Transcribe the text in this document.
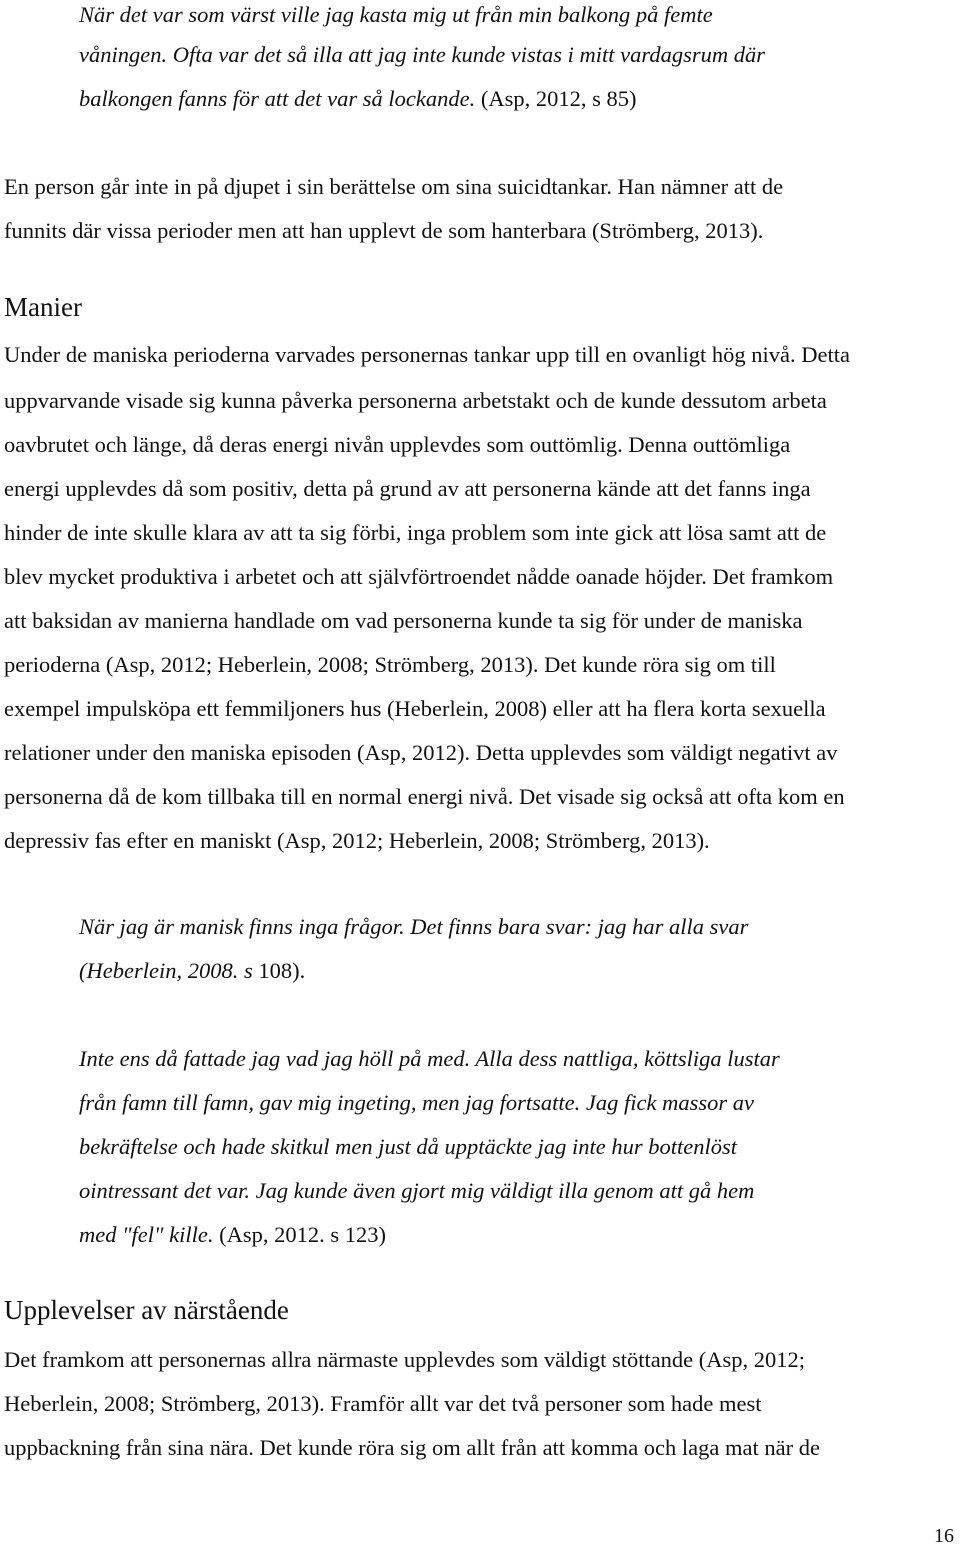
När det var som värst ville jag kasta mig ut från min balkong på femte
våningen. Ofta var det så illa att jag inte kunde vistas i mitt vardagsrum där
balkongen fanns för att det var så lockande. (Asp, 2012, s 85)
En person går inte in på djupet i sin berättelse om sina suicidtankar. Han nämner att de
funnits där vissa perioder men att han upplevt de som hanterbara (Strömberg, 2013).
Manier
Under de maniska perioderna varvades personernas tankar upp till en ovanligt hög nivå. Detta
uppvarvande visade sig kunna påverka personerna arbetstakt och de kunde dessutom arbeta
oavbrutet och länge, då deras energi nivån upplevdes som outtömlig. Denna outtömliga
energi upplevdes då som positiv, detta på grund av att personerna kände att det fanns inga
hinder de inte skulle klara av att ta sig förbi, inga problem som inte gick att lösa samt att de
blev mycket produktiva i arbetet och att självförtroendet nådde oanade höjder. Det framkom
att baksidan av manierna handlade om vad personerna kunde ta sig för under de maniska
perioderna (Asp, 2012; Heberlein, 2008; Strömberg, 2013). Det kunde röra sig om till
exempel impulsköpa ett femmiljoners hus (Heberlein, 2008) eller att ha flera korta sexuella
relationer under den maniska episoden (Asp, 2012). Detta upplevdes som väldigt negativt av
personerna då de kom tillbaka till en normal energi nivå. Det visade sig också att ofta kom en
depressiv fas efter en maniskt (Asp, 2012; Heberlein, 2008; Strömberg, 2013).
När jag är manisk finns inga frågor. Det finns bara svar: jag har alla svar
(Heberlein, 2008. s 108).
Inte ens då fattade jag vad jag höll på med. Alla dess nattliga, köttsliga lustar
från famn till famn, gav mig ingeting, men jag fortsatte. Jag fick massor av
bekräftelse och hade skitkul men just då upptäckte jag inte hur bottenlöst
ointressant det var. Jag kunde även gjort mig väldigt illa genom att gå hem
med "fel" kille. (Asp, 2012. s 123)
Upplevelser av närstående
Det framkom att personernas allra närmaste upplevdes som väldigt stöttande (Asp, 2012;
Heberlein, 2008; Strömberg, 2013). Framför allt var det två personer som hade mest
uppbackning från sina nära. Det kunde röra sig om allt från att komma och laga mat när de
16
